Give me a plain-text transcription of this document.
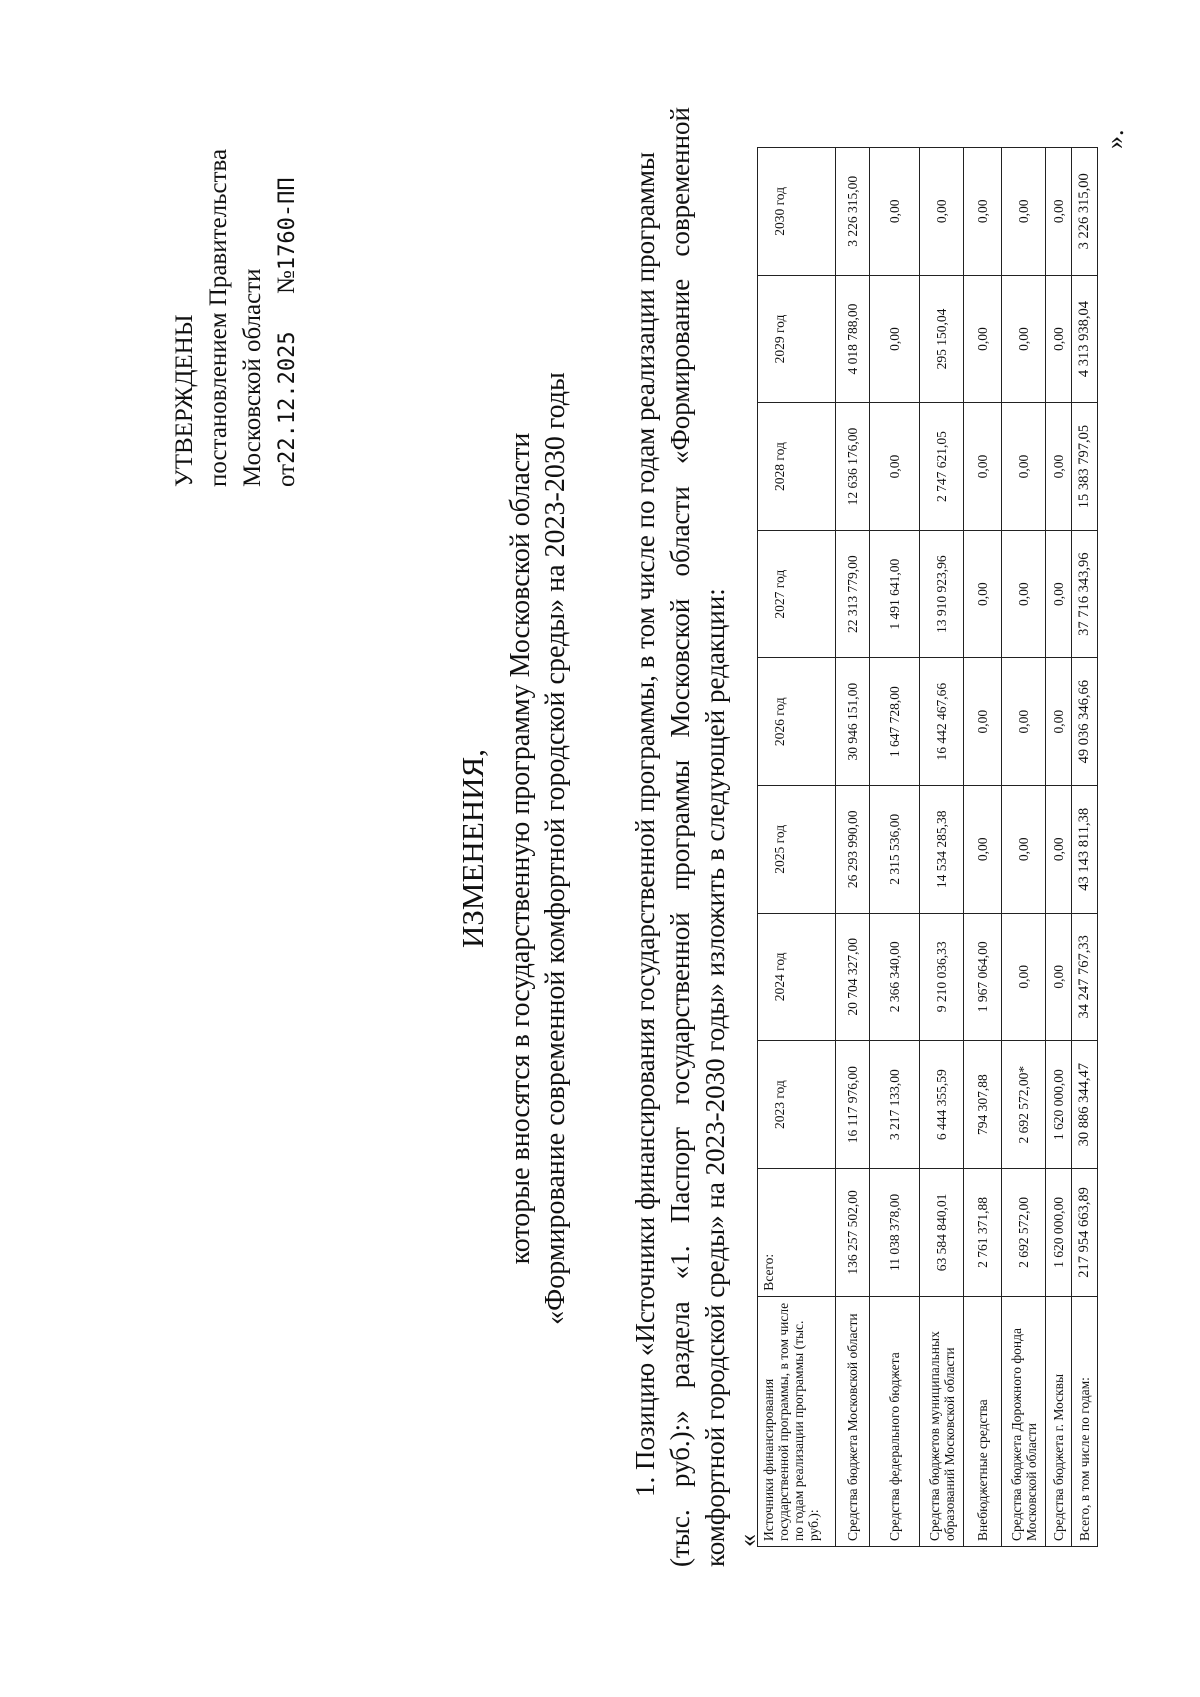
УТВЕРЖДЕНЫ постановлением Правительства Московской области от22.12.2025      №1760-ПП
ИЗМЕНЕНИЯ, которые вносятся в государственную программу Московской области «Формирование современной комфортной городской среды» на 2023-2030 годы 1. Позицию «Источники финансирования государственной программы, в том числе по годам реализации программы (тыс. руб.):» раздела «1. Паспорт государственной программы Московской области «Формирование современной комфортной городской среды» на 2023-2030 годы» изложить в следующей редакции: « Источники финансирования государственной программы, в том числе по годам реализации программы (тыс. руб.):	Всего:	2023 год	2024 год	2025 год	2026 год	2027 год	2028 год	2029 год	2030 год
Средства бюджета Московской области	136 257 502,00	16 117 976,00	20 704 327,00	26 293 990,00	30 946 151,00	22 313 779,00	12 636 176,00	4 018 788,00	3 226 315,00
Средства федерального бюджета	11 038 378,00	3 217 133,00	2 366 340,00	2 315 536,00	1 647 728,00	1 491 641,00	0,00	0,00	0,00
Средства бюджетов муниципальных образований Московской области	63 584 840,01	6 444 355,59	9 210 036,33	14 534 285,38	16 442 467,66	13 910 923,96	2 747 621,05	295 150,04	0,00
Внебюджетные средства	2 761 371,88	794 307,88	1 967 064,00	0,00	0,00	0,00	0,00	0,00	0,00
Средства бюджета Дорожного фонда Московской области	2 692 572,00	2 692 572,00*	0,00	0,00	0,00	0,00	0,00	0,00	0,00
Средства бюджета г. Москвы	1 620 000,00	1 620 000,00	0,00	0,00	0,00	0,00	0,00	0,00	0,00
Всего, в том числе по годам:	217 954 663,89	30 886 344,47	34 247 767,33	43 143 811,38	49 036 346,66	37 716 343,96	15 383 797,05	4 313 938,04	3 226 315,00
».
